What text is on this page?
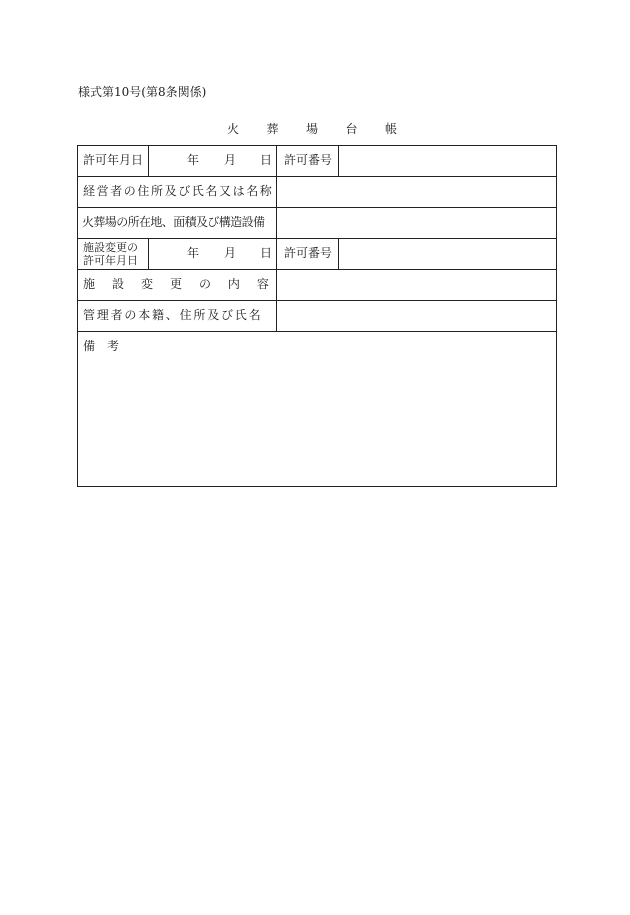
様式第10号(第8条関係)
火 葬 場 台 帳
許可年月日	年 月 日 許可番号
経営者の住所及び氏名又は名称
火葬場の所在地、面積及び構造設備
施設変更の
許可年月日
年 月 日 許可番号
施 設 変 更 の 内 容
管理者の本籍、住所及び氏名
備 考
